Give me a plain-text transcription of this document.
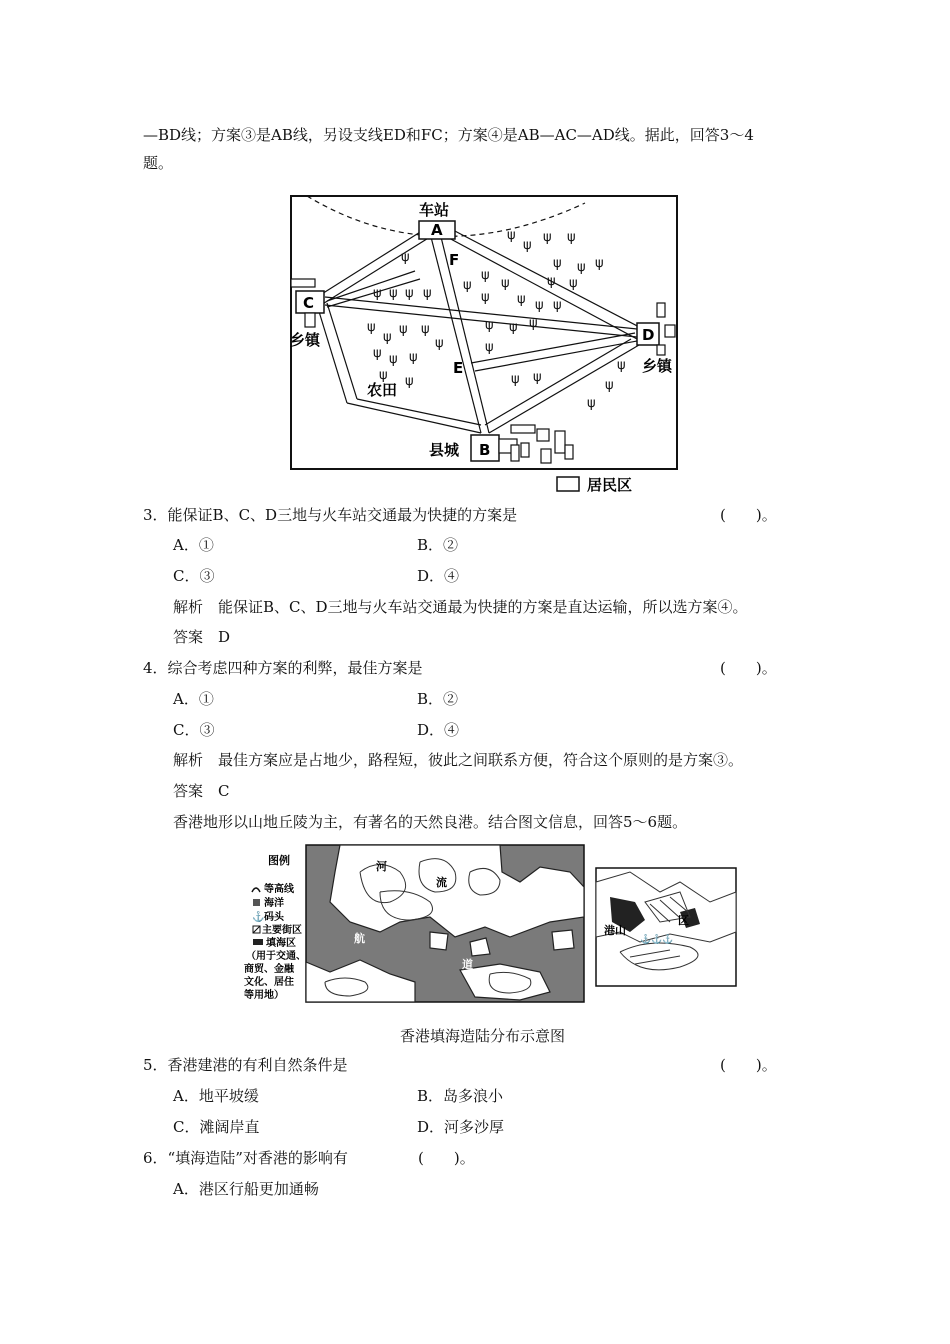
—BD线；方案③是AB线，另设支线ED和FC；方案④是AB—AC—AD线。据此，回答3～4
题。
ψ
ψ
ψ
ψ ψ
ψ ψ ψ
ψ ψ
ψ
ψ
ψ ψ ψ
ψ
ψ
ψ ψ ψ ψ
ψ
ψ
ψ ψ
ψ
ψ ψ ψ
ψ ψ
ψ ψ ψ
ψ
ψ ψ
ψ
ψ
ψ
车站
A
C
D
B
F
E
乡镇
乡镇
农田
县城
居民区
3．能保证B、C、D三地与火车站交通最为快捷的方案是	(　　)。
A．①	B．②
C．③	D．④
解析　能保证B、C、D三地与火车站交通最为快捷的方案是直达运输，所以选方案④。
答案　D
4．综合考虑四种方案的利弊，最佳方案是	(　　)。
A．①	B．②
C．③	D．④
解析　最佳方案应是占地少，路程短，彼此之间联系方便，符合这个原则的是方案③。
答案　C
香港地形以山地丘陵为主，有著名的天然良港。结合图文信息，回答5～6题。
图例
⚓
等高线
海洋
码头
主要街区
填海区
（用于交通、
商贸、金融
文化、居住
等用地）
河
流
航
道
港山
区
⚓⚓⚓
香港填海造陆分布示意图
5．香港建港的有利自然条件是	(　　)。
A．地平坡缓	B．岛多浪小
C．滩阔岸直	D．河多沙厚
6．“填海造陆”对香港的影响有	(　　)。
A．港区行船更加通畅
